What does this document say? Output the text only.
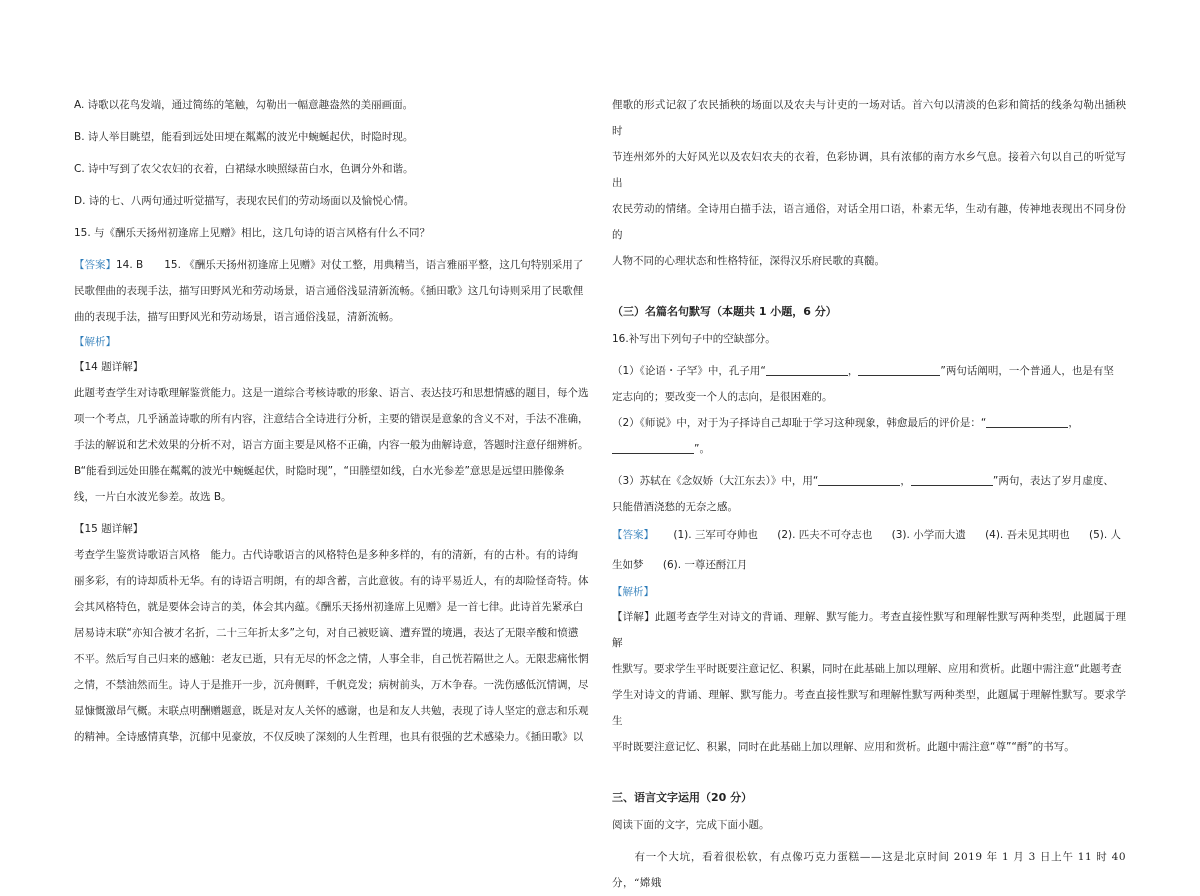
A. 诗歌以花鸟发端，通过简练的笔触，勾勒出一幅意趣盎然的美丽画面。

B. 诗人举目眺望，能看到远处田埂在粼粼的波光中蜿蜒起伏，时隐时现。

C. 诗中写到了农父农妇的衣着，白裙绿水映照绿苗白水，色调分外和谐。

D. 诗的七、八两句通过听觉描写，表现农民们的劳动场面以及愉悦心情。

15. 与《酬乐天扬州初逢席上见赠》相比，这几句诗的语言风格有什么不同？

【答案】14. B　　15. 《酬乐天扬州初逢席上见赠》对仗工整，用典精当，语言雅丽平整，这几句特别采用了

民歌俚曲的表现手法，描写田野风光和劳动场景，语言通俗浅显清新流畅。《插田歌》这几句诗则采用了民歌俚

曲的表现手法，描写田野风光和劳动场景，语言通俗浅显，清新流畅。

【解析】

【14 题详解】

此题考查学生对诗歌理解鉴赏能力。这是一道综合考核诗歌的形象、语言、表达技巧和思想情感的题目，每个选

项一个考点，几乎涵盖诗歌的所有内容，注意结合全诗进行分析，主要的错误是意象的含义不对，手法不准确，

手法的解说和艺术效果的分析不对，语言方面主要是风格不正确，内容一般为曲解诗意，答题时注意仔细辨析。

B“能看到远处田塍在粼粼的波光中蜿蜒起伏，时隐时现”，“田塍望如线，白水光参差”意思是远望田塍像条

线，一片白水波光参差。故选 B。

【15 题详解】

考查学生鉴赏诗歌语言风格　能力。古代诗歌语言的风格特色是多种多样的，有的清新，有的古朴。有的诗绚

丽多彩，有的诗却质朴无华。有的诗语言明朗，有的却含蓄，言此意彼。有的诗平易近人，有的却险怪奇特。体

会其风格特色，就是要体会诗言的美，体会其内蕴。《酬乐天扬州初逢席上见赠》是一首七律。此诗首先紧承白

居易诗末联“亦知合被才名折，二十三年折太多”之句，对自己被贬谪、遭弃置的境遇，表达了无限辛酸和愤懑

不平。然后写自己归来的感触：老友已逝，只有无尽的怀念之情，人事全非，自己恍若隔世之人。无限悲痛怅惘

之情，不禁油然而生。诗人于是推开一步，沉舟侧畔，千帆竞发；病树前头，万木争春。一洗伤感低沉情调，尽

显慷慨激昂气概。末联点明酬赠题意，既是对友人关怀的感谢，也是和友人共勉，表现了诗人坚定的意志和乐观

的精神。全诗感情真挚，沉郁中见豪放，不仅反映了深刻的人生哲理，也具有很强的艺术感染力。《插田歌》以

俚歌的形式记叙了农民插秧的场面以及农夫与计吏的一场对话。首六句以清淡的色彩和简括的线条勾勒出插秧时

节连州郊外的大好风光以及农妇农夫的衣着，色彩协调，具有浓郁的南方水乡气息。接着六句以自己的听觉写出

农民劳动的情绪。全诗用白描手法，语言通俗，对话全用口语，朴素无华，生动有趣，传神地表现出不同身份的

人物不同的心理状态和性格特征，深得汉乐府民歌的真髓。

（三）名篇名句默写（本题共 1 小题，6 分）

16.补写出下列句子中的空缺部分。

（1）《论语・子罕》中，孔子用“	，	”两句话阐明，一个普通人，也是有坚

定志向的；要改变一个人的志向，是很困难的。

（2）《师说》中，对于为子择诗自己却耻于学习这种现象，韩愈最后的评价是：“	，

”。

（3）苏轼在《念奴娇（大江东去）》中，用“	，	”两句，表达了岁月虚度、

只能借酒浇愁的无奈之感。

【答案】 (1). 三军可夺帅也 (2). 匹夫不可夺志也 (3). 小学而大遗 (4). 吾未见其明也 (5). 人

生如梦 (6). 一尊还酹江月

【解析】

【详解】此题考查学生对诗文的背诵、理解、默写能力。考查直接性默写和理解性默写两种类型，此题属于理解

性默写。要求学生平时既要注意记忆、积累，同时在此基础上加以理解、应用和赏析。此题中需注意“此题考查

学生对诗文的背诵、理解、默写能力。考查直接性默写和理解性默写两种类型，此题属于理解性默写。要求学生

平时既要注意记忆、积累，同时在此基础上加以理解、应用和赏析。此题中需注意“尊”“酹”的书写。

三、语言文字运用（20 分）

阅读下面的文字，完成下面小题。

　　有一个大坑，看着很松软，有点像巧克力蛋糕——这是北京时间 2019 年 1 月 3 日上午 11 时 40 分，“嫦娥
